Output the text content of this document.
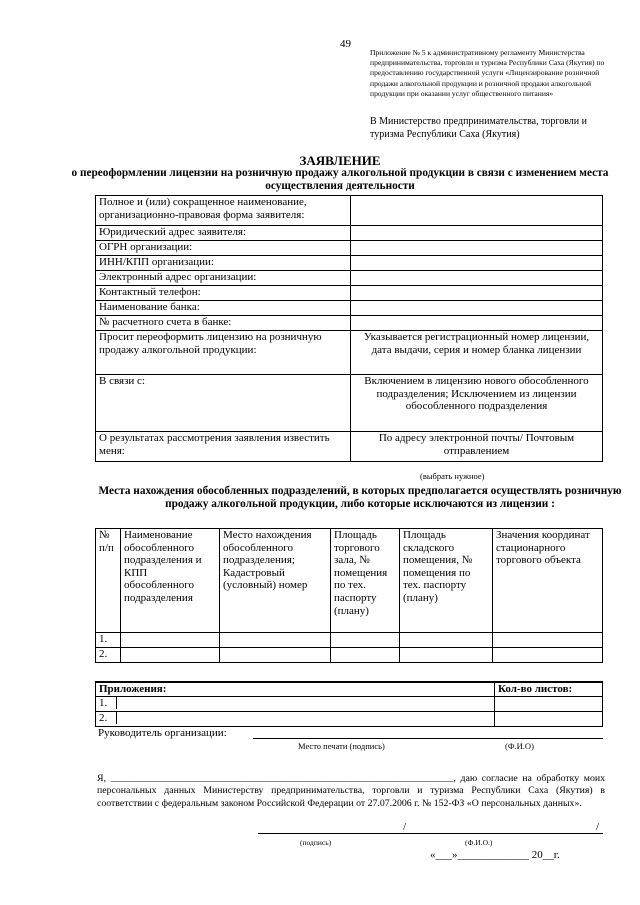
49
Приложение № 5 к административному регламенту Министерства предпринимательства, торговли и туризма Республики Саха (Якутия) по предоставлению государственной услуги «Лицензирование розничной продажи алкогольной продукции и розничной продажи алкогольной продукции при оказании услуг общественного питания»
В Министерство предпринимательства, торговли и туризма Республики Саха (Якутия)
ЗАЯВЛЕНИЕ
о переоформлении лицензии на розничную продажу алкогольной продукции в связи с изменением места осуществления деятельности
Полное и (или) сокращенное наименование, организационно-правовая форма заявителя:	
Юридический адрес заявителя:	
ОГРН организации:	
ИНН/КПП организации:	
Электронный адрес организации:	
Контактный телефон:	
Наименование банка:	
№ расчетного счета в банке:	
Просит переоформить лицензию на розничную продажу алкогольной продукции:	Указывается регистрационный номер лицензии, дата выдачи, серия и номер бланка лицензии
В связи с:	Включением в лицензию нового обособленного подразделения; Исключением из лицензии обособленного подразделения
О результатах рассмотрения заявления известить меня:	По адресу электронной почты/ Почтовым отправлением
(выбрать нужное)
Места нахождения обособленных подразделений, в которых предполагается осуществлять розничную продажу алкогольной продукции, либо которые исключаются из лицензии :
№ п/п	Наименование обособленного подразделения и КПП обособленного подразделения	Место нахождения обособленного подразделения; Кадастровый (условный) номер	Площадь торгового зала, № помещения по тех. паспорту (плану)	Площадь складского помещения, № помещения по тех. паспорту (плану)	Значения координат стационарного торгового объекта
1.					
2.					
Приложения:	Кол-во листов:

1.	

2.	

Руководитель организации:
Место печати (подпись)	(Ф.И.О)
Я, ______________________________________________________________________, даю согласие на обработку моих персональных данных Министерству предпринимательства, торговли и туризма Республики Саха (Якутия) в соответствии с федеральным законом Российской Федерации от 27.07.2006 г. № 152-ФЗ «О персональных данных».
/	/
(подпись)	(Ф.И.О.)
«___»_____________ 20__г.
